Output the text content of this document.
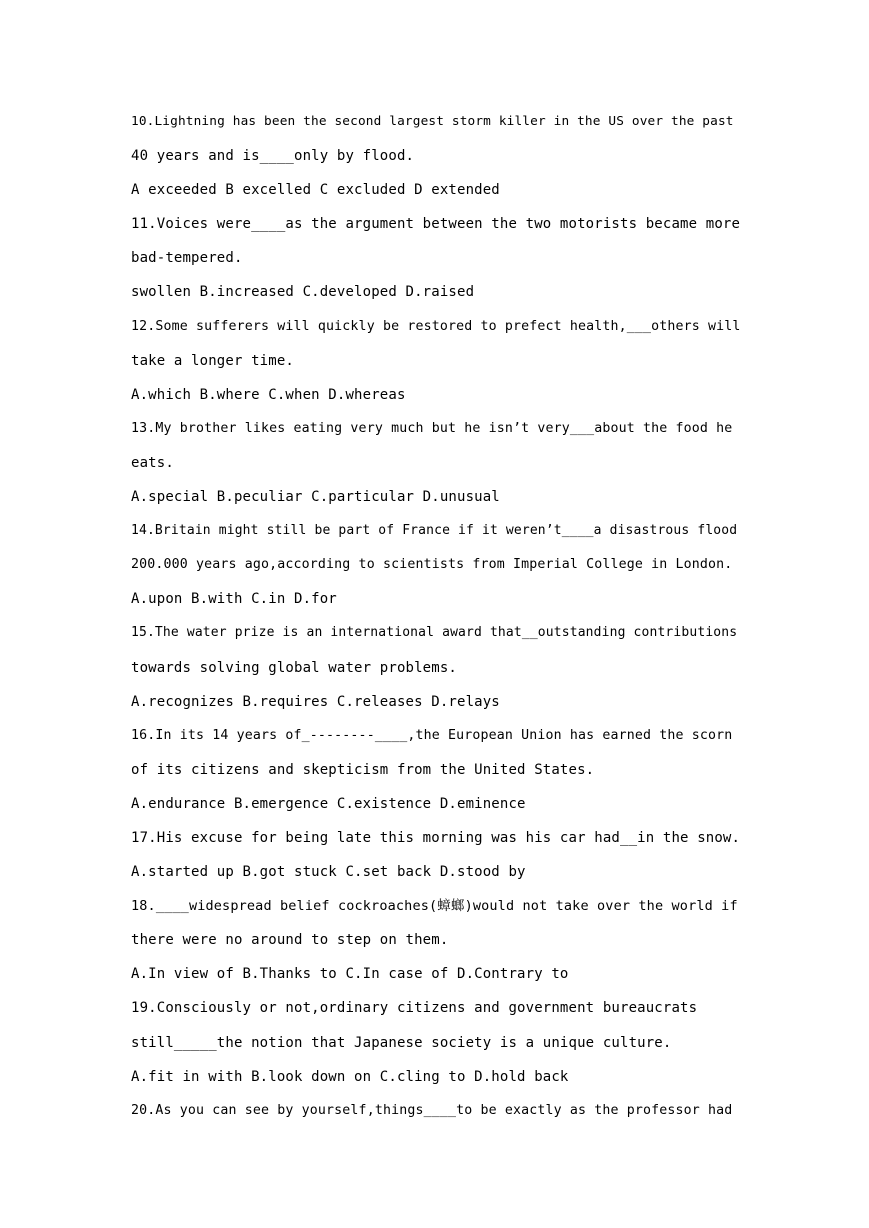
10.Lightning has been the second largest storm killer in the US over the past
40 years and is____only by flood.
A exceeded B excelled C excluded D extended
11.Voices were____as the argument between the two motorists became more
bad-tempered.
swollen B.increased C.developed D.raised
12.Some sufferers will quickly be restored to prefect health,___others will
take a longer time.
A.which B.where C.when D.whereas
13.My brother likes eating very much but he isn’t very___about the food he
eats.
A.special B.peculiar C.particular D.unusual
14.Britain might still be part of France if it weren’t____a disastrous flood
200.000 years ago,according to scientists from Imperial College in London.
A.upon B.with C.in D.for
15.The water prize is an international award that__outstanding contributions
towards solving global water problems.
A.recognizes B.requires C.releases D.relays
16.In its 14 years of_--------____,the European Union has earned the scorn
of its citizens and skepticism from the United States.
A.endurance B.emergence C.existence D.eminence
17.His excuse for being late this morning was his car had__in the snow.
A.started up B.got stuck C.set back D.stood by
18.____widespread belief cockroaches(蟑螂)would not take over the world if
there were no around to step on them.
A.In view of B.Thanks to C.In case of D.Contrary to
19.Consciously or not,ordinary citizens and government bureaucrats
still_____the notion that Japanese society is a unique culture.
A.fit in with B.look down on C.cling to D.hold back
20.As you can see by yourself,things____to be exactly as the professor had
